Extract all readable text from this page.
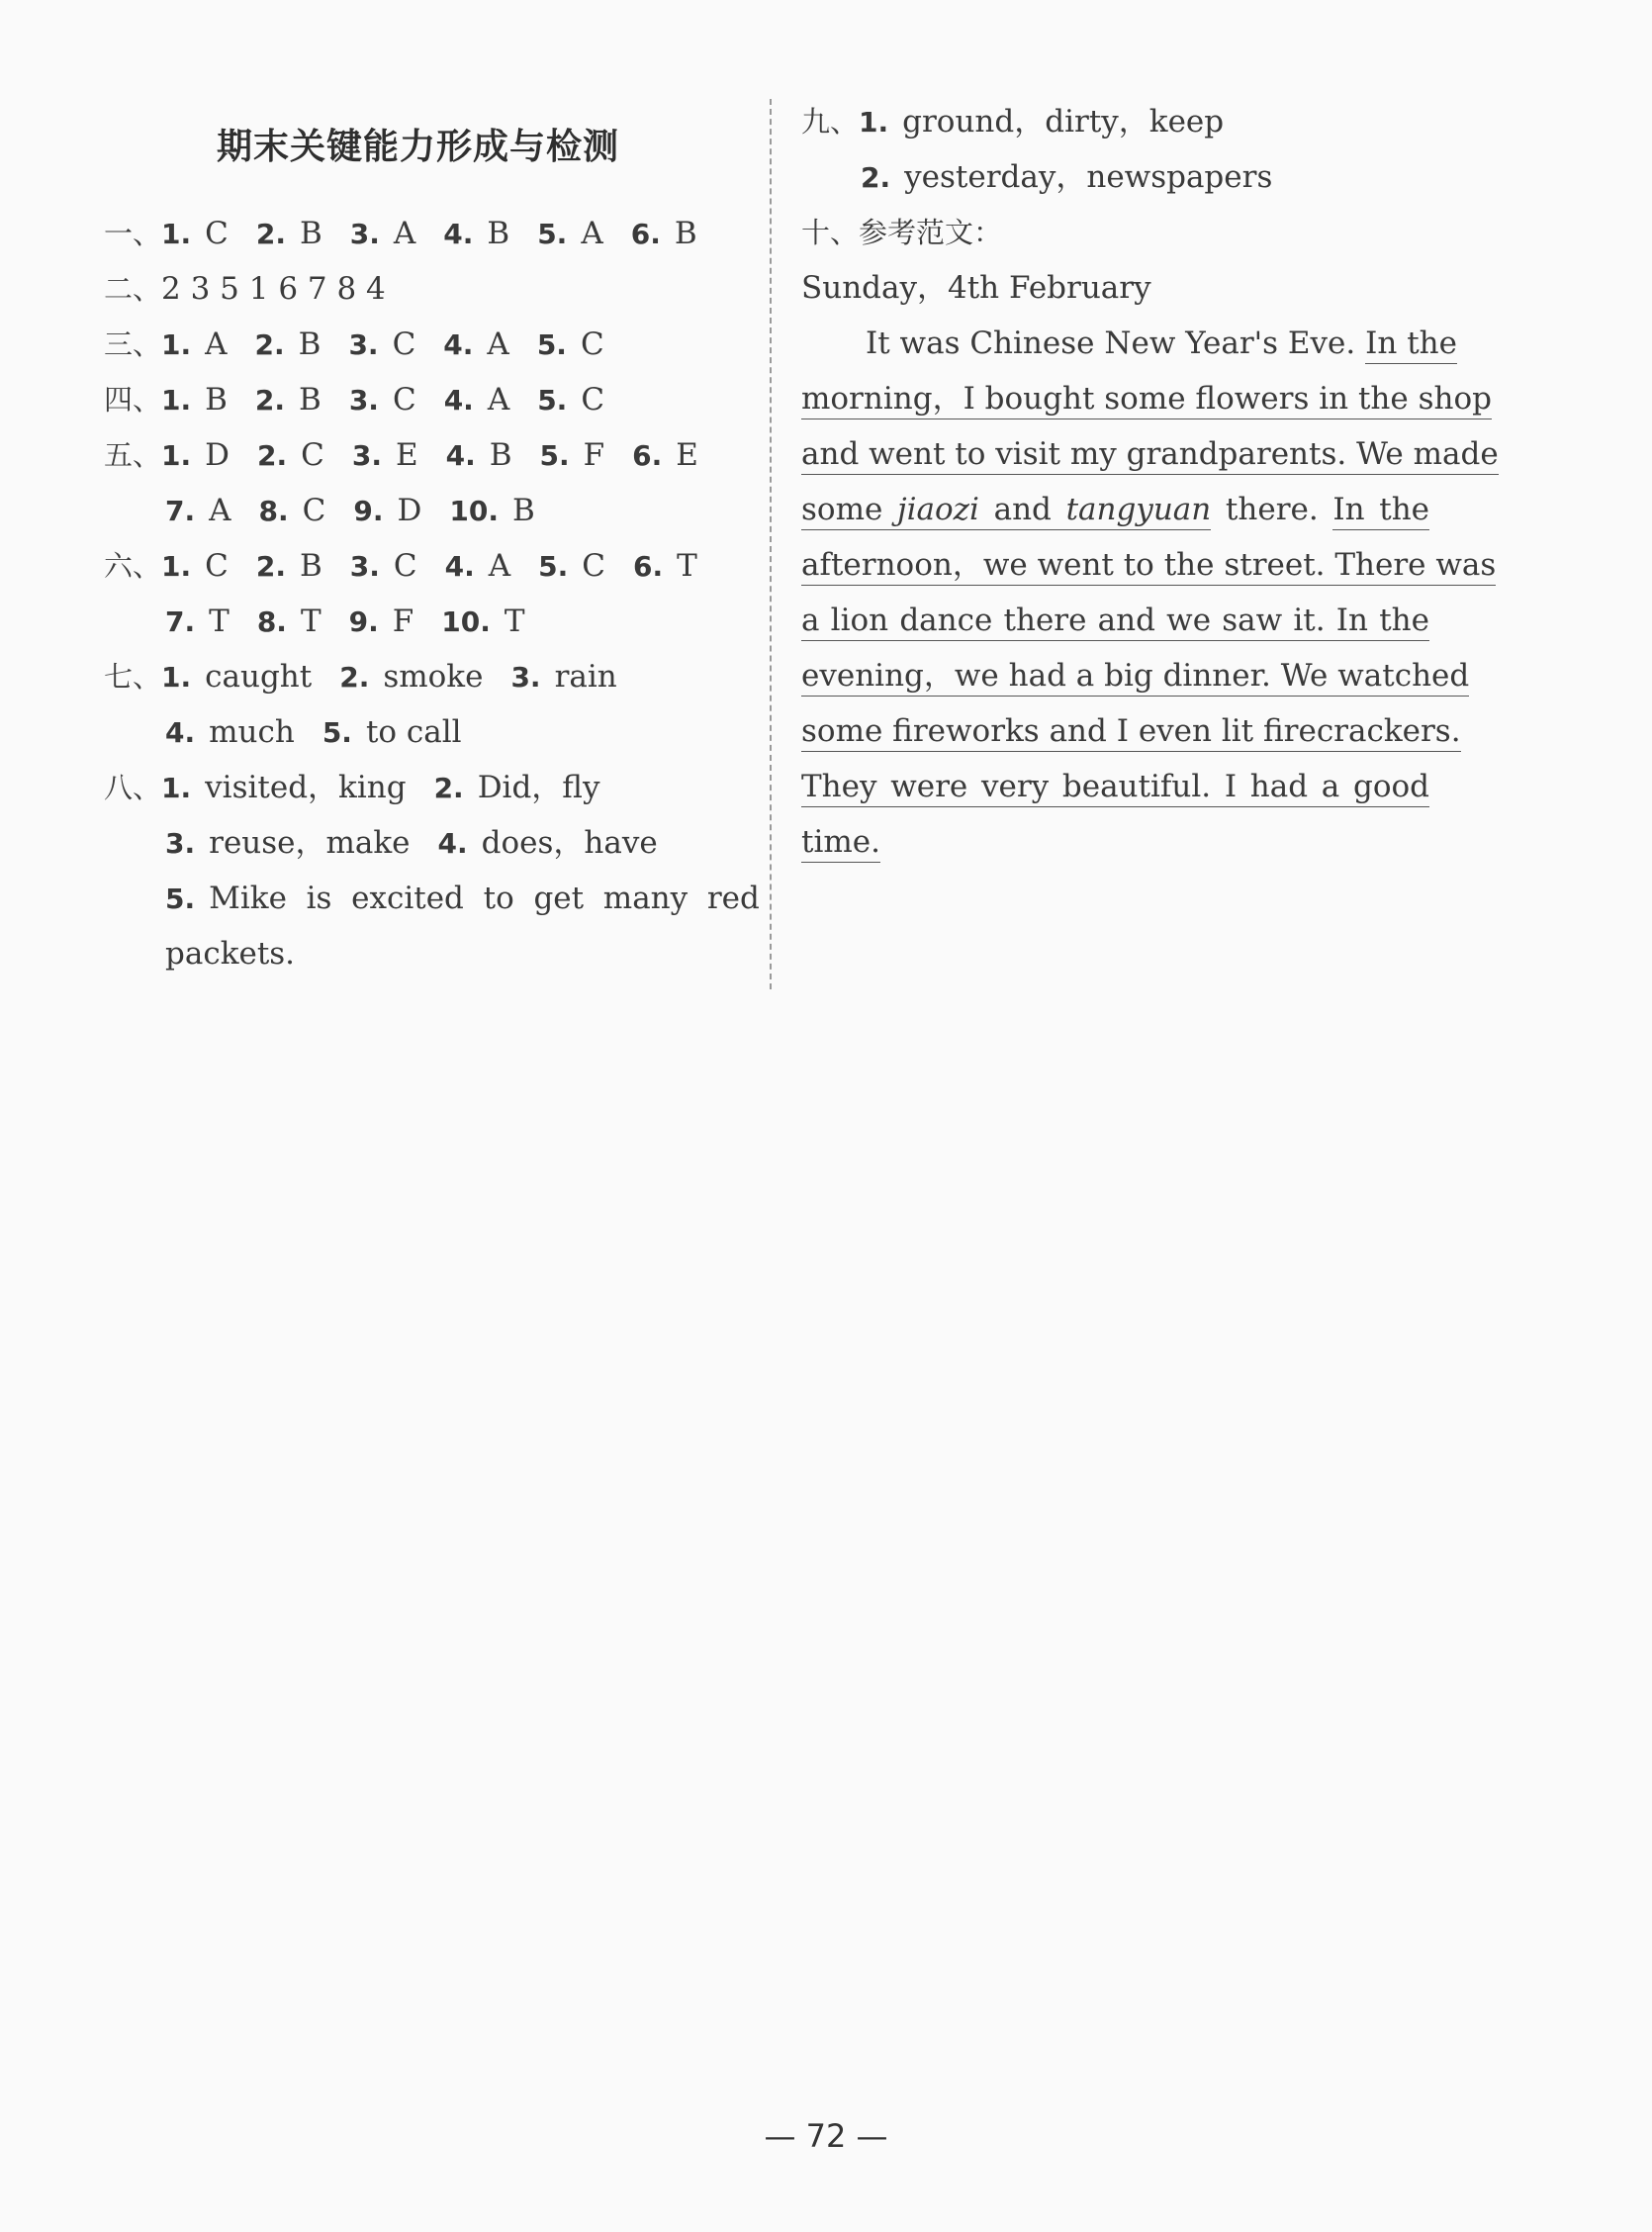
期末关键能力形成与检测
一、1. C 2. B 3. A 4. B 5. A 6. B
二、2 3 5 1 6 7 8 4
三、1. A 2. B 3. C 4. A 5. C
四、1. B 2. B 3. C 4. A 5. C
五、1. D 2. C 3. E 4. B 5. F 6. E
7. A 8. C 9. D 10. B
六、1. C 2. B 3. C 4. A 5. C 6. T
7. T 8. T 9. F 10. T
七、1. caught 2. smoke 3. rain
4. much 5. to call
八、1. visited，king 2. Did，fly
3. reuse，make 4. does，have
5. Mike  is  excited  to  get  many  red
packets.
九、1. ground，dirty，keep
2. yesterday，newspapers
十、参考范文：
Sunday，4th February
It was Chinese New Year's Eve. In the
morning，I bought some flowers in the shop
and went to visit my grandparents. We made
some jiaozi and tangyuan there. In the
afternoon，we went to the street. There was
a lion dance there and we saw it. In the
evening，we had a big dinner. We watched
some fireworks and I even lit firecrackers.
They were very beautiful. I had a good
time.
— 72 —
